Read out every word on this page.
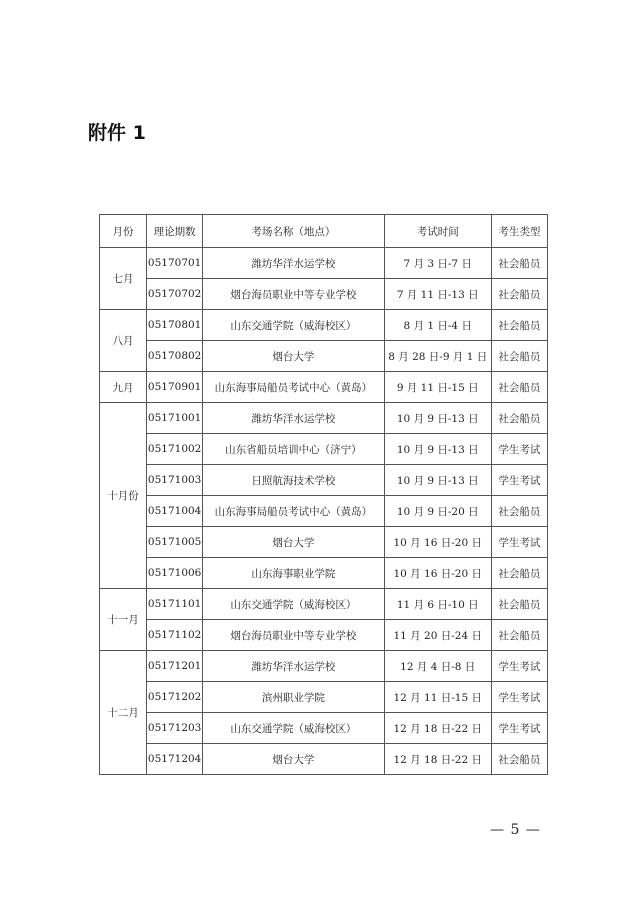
附件 1
月份	理论期数	考场名称（地点）	考试时间	考生类型
七月	05170701	潍坊华洋水运学校	7 月 3 日-7 日	社会船员
	05170702	烟台海员职业中等专业学校	7 月 11 日-13 日	社会船员
八月	05170801	山东交通学院（威海校区）	8 月 1 日-4 日	社会船员
	05170802	烟台大学	8 月 28 日-9 月 1 日	社会船员
九月	05170901	山东海事局船员考试中心（黄岛）	9 月 11 日-15 日	社会船员
十月份	05171001	潍坊华洋水运学校	10 月 9 日-13 日	社会船员
	05171002	山东省船员培训中心（济宁）	10 月 9 日-13 日	学生考试
	05171003	日照航海技术学校	10 月 9 日-13 日	学生考试
	05171004	山东海事局船员考试中心（黄岛）	10 月 9 日-20 日	社会船员
	05171005	烟台大学	10 月 16 日-20 日	学生考试
	05171006	山东海事职业学院	10 月 16 日-20 日	社会船员
十一月	05171101	山东交通学院（威海校区）	11 月 6 日-10 日	社会船员
	05171102	烟台海员职业中等专业学校	11 月 20 日-24 日	社会船员
十二月	05171201	潍坊华洋水运学校	12 月 4 日-8 日	学生考试
	05171202	滨州职业学院	12 月 11 日-15 日	学生考试
	05171203	山东交通学院（威海校区）	12 月 18 日-22 日	学生考试
	05171204	烟台大学	12 月 18 日-22 日	社会船员
— 5 —
